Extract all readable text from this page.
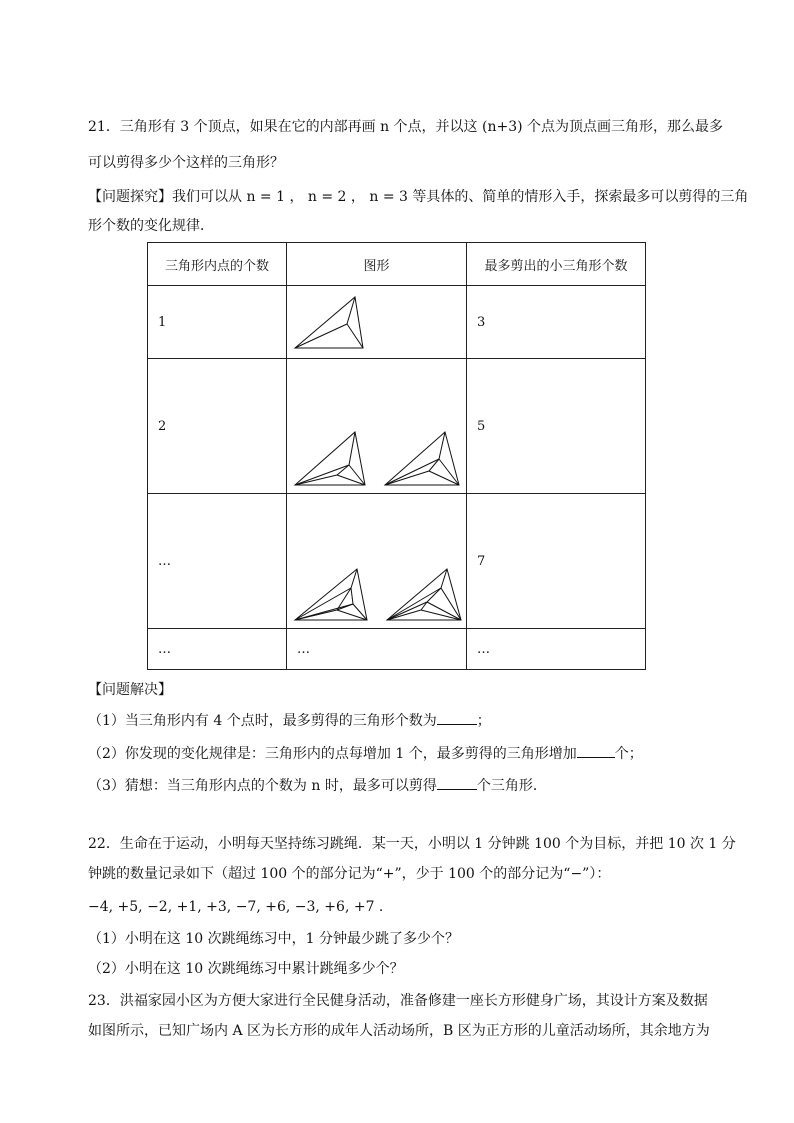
21．三角形有 3 个顶点，如果在它的内部再画 n 个点，并以这 (n+3) 个点为顶点画三角形，那么最多
可以剪得多少个这样的三角形？
【问题探究】我们可以从 n = 1 ， n = 2 ， n = 3 等具体的、简单的情形入手，探索最多可以剪得的三角
形个数的变化规律．
三角形内点的个数	图形	最多剪出的小三角形个数
1		3
2		5
…		7
…	…	…
【问题解决】
（1）当三角形内有 4 个点时，最多剪得的三角形个数为	；
（2）你发现的变化规律是：三角形内的点每增加 1 个，最多剪得的三角形增加	个；
（3）猜想：当三角形内点的个数为 n 时，最多可以剪得	个三角形．
22．生命在于运动，小明每天坚持练习跳绳．某一天，小明以 1 分钟跳 100 个为目标，并把 10 次 1 分
钟跳的数量记录如下（超过 100 个的部分记为“+”，少于 100 个的部分记为“−”）：
−4, +5, −2, +1, +3, −7, +6, −3, +6, +7 .
（1）小明在这 10 次跳绳练习中，1 分钟最少跳了多少个？
（2）小明在这 10 次跳绳练习中累计跳绳多少个？
23．洪福家园小区为方便大家进行全民健身活动，准备修建一座长方形健身广场，其设计方案及数据
如图所示，已知广场内 A 区为长方形的成年人活动场所，B 区为正方形的儿童活动场所，其余地方为
